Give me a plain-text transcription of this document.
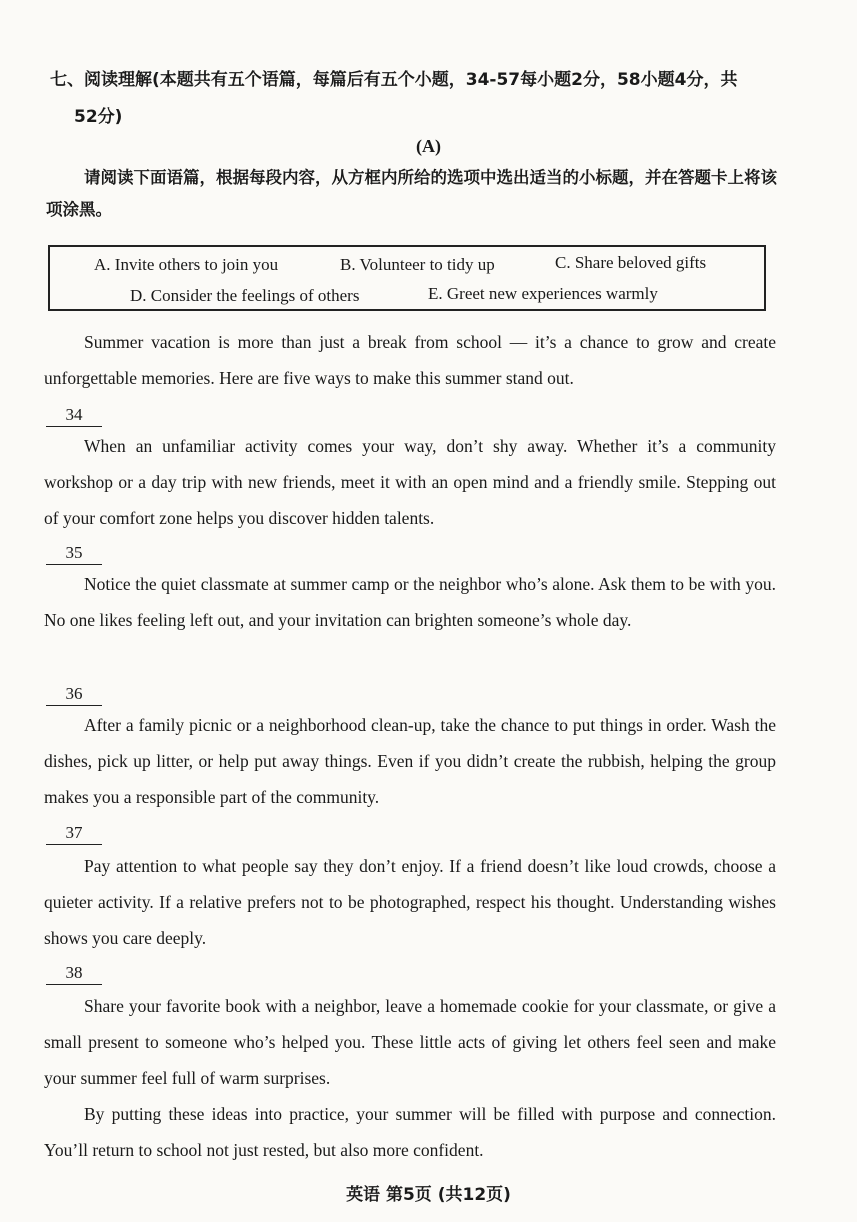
七、阅读理解(本题共有五个语篇，每篇后有五个小题，34-57每小题2分，58小题4分，共
52分)
(A)
请阅读下面语篇，根据每段内容，从方框内所给的选项中选出适当的小标题，并在答题卡上将该项涂黑。
A. Invite others to join you	B. Volunteer to tidy up	C. Share beloved gifts
D. Consider the feelings of others	E. Greet new experiences warmly

Summer vacation is more than just a break from school — it’s a chance to grow and create unforgettable memories. Here are five ways to make this summer stand out.

34

When an unfamiliar activity comes your way, don’t shy away. Whether it’s a community workshop or a day trip with new friends, meet it with an open mind and a friendly smile. Stepping out of your comfort zone helps you discover hidden talents.

35

Notice the quiet classmate at summer camp or the neighbor who’s alone. Ask them to be with you. No one likes feeling left out, and your invitation can brighten someone’s whole day.

36

After a family picnic or a neighborhood clean-up, take the chance to put things in order. Wash the dishes, pick up litter, or help put away things. Even if you didn’t create the rubbish, helping the group makes you a responsible part of the community.

37

Pay attention to what people say they don’t enjoy. If a friend doesn’t like loud crowds, choose a quieter activity. If a relative prefers not to be photographed, respect his thought. Understanding wishes shows you care deeply.

38

Share your favorite book with a neighbor, leave a homemade cookie for your classmate, or give a small present to someone who’s helped you. These little acts of giving let others feel seen and make your summer feel full of warm surprises.

By putting these ideas into practice, your summer will be filled with purpose and connection. You’ll return to school not just rested, but also more confident.

英语 第5页 (共12页)
